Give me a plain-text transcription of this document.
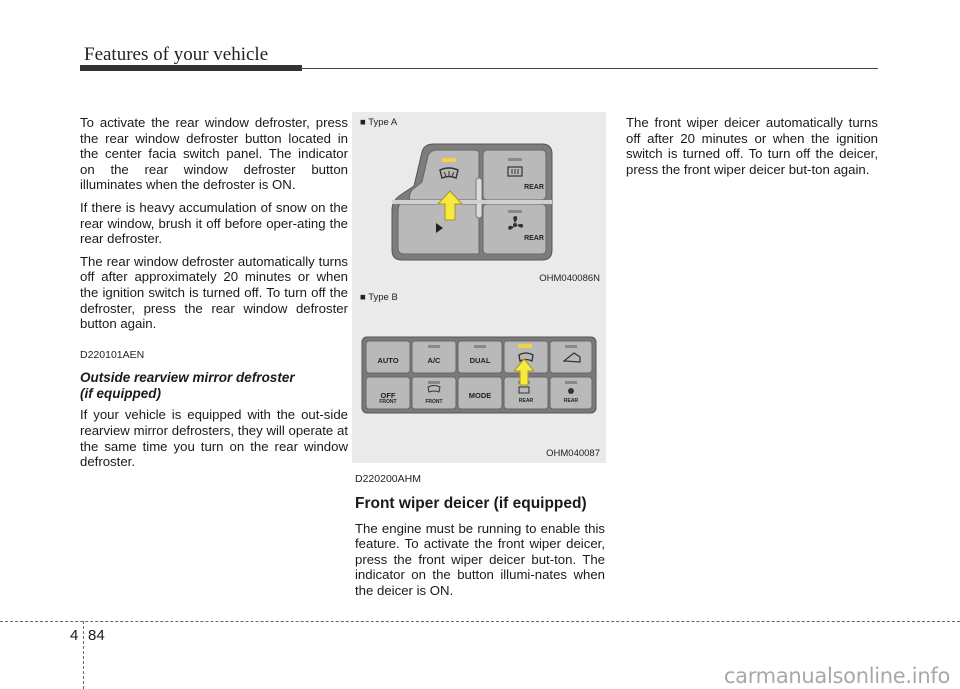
Features of your vehicle

To activate the rear window defroster, press the rear window defroster button located in the center facia switch panel. The indicator on the rear window defroster button illuminates when the defroster is ON.

If there is heavy accumulation of snow on the rear window, brush it off before oper-ating the rear defroster.

The rear window defroster automatically turns off after approximately 20 minutes or when the ignition switch is turned off. To turn off the defroster, press the rear window defroster button again.

D220101AEN
Outside rearview mirror defroster
(if equipped)

If your vehicle is equipped with the out-side rearview mirror defrosters, they will operate at the same time you turn on the rear window defroster.

■ Type A
REAR
REAR
OHM040086N
■ Type B
AUTO	A/C	DUAL
OFF
FRONT	FRONT
MODE
REAR	REAR
OHM040087
D220200AHM
Front wiper deicer (if equipped)

The engine must be running to enable this feature. To activate the front wiper deicer, press the front wiper deicer but-ton. The indicator on the button illumi-nates when the deicer is ON.

The front wiper deicer automatically turns off after 20 minutes or when the ignition switch is turned off. To turn off the deicer, press the front wiper deicer but-ton again.

4 84
carmanualsonline.info
